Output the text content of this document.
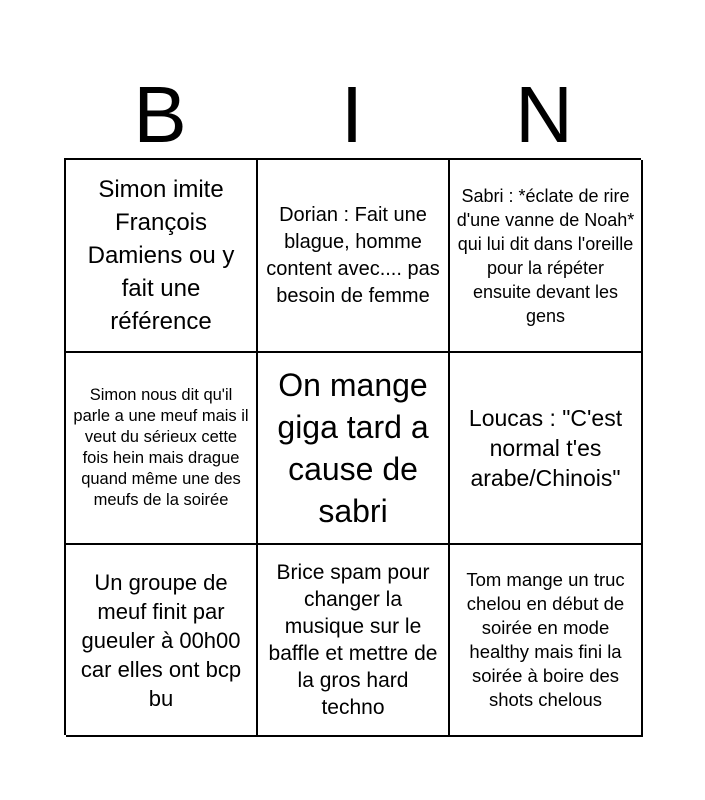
B	I	N
Simon imite François Damiens ou y fait une référence
Dorian : Fait une blague, homme content avec.... pas besoin de femme
Sabri : *éclate de rire d'une vanne de Noah* qui lui dit dans l'oreille pour la répéter ensuite devant les gens
Simon nous dit qu'il parle a une meuf mais il veut du sérieux cette fois hein mais drague quand même une des meufs de la soirée
On mange giga tard a cause de sabri
Loucas : "C'est normal t'es arabe/Chinois"
Un groupe de meuf finit par gueuler à 00h00 car elles ont bcp bu
Brice spam pour changer la musique sur le baffle et mettre de la gros hard techno
Tom mange un truc chelou en début de soirée en mode healthy mais fini la soirée à boire des shots chelous
